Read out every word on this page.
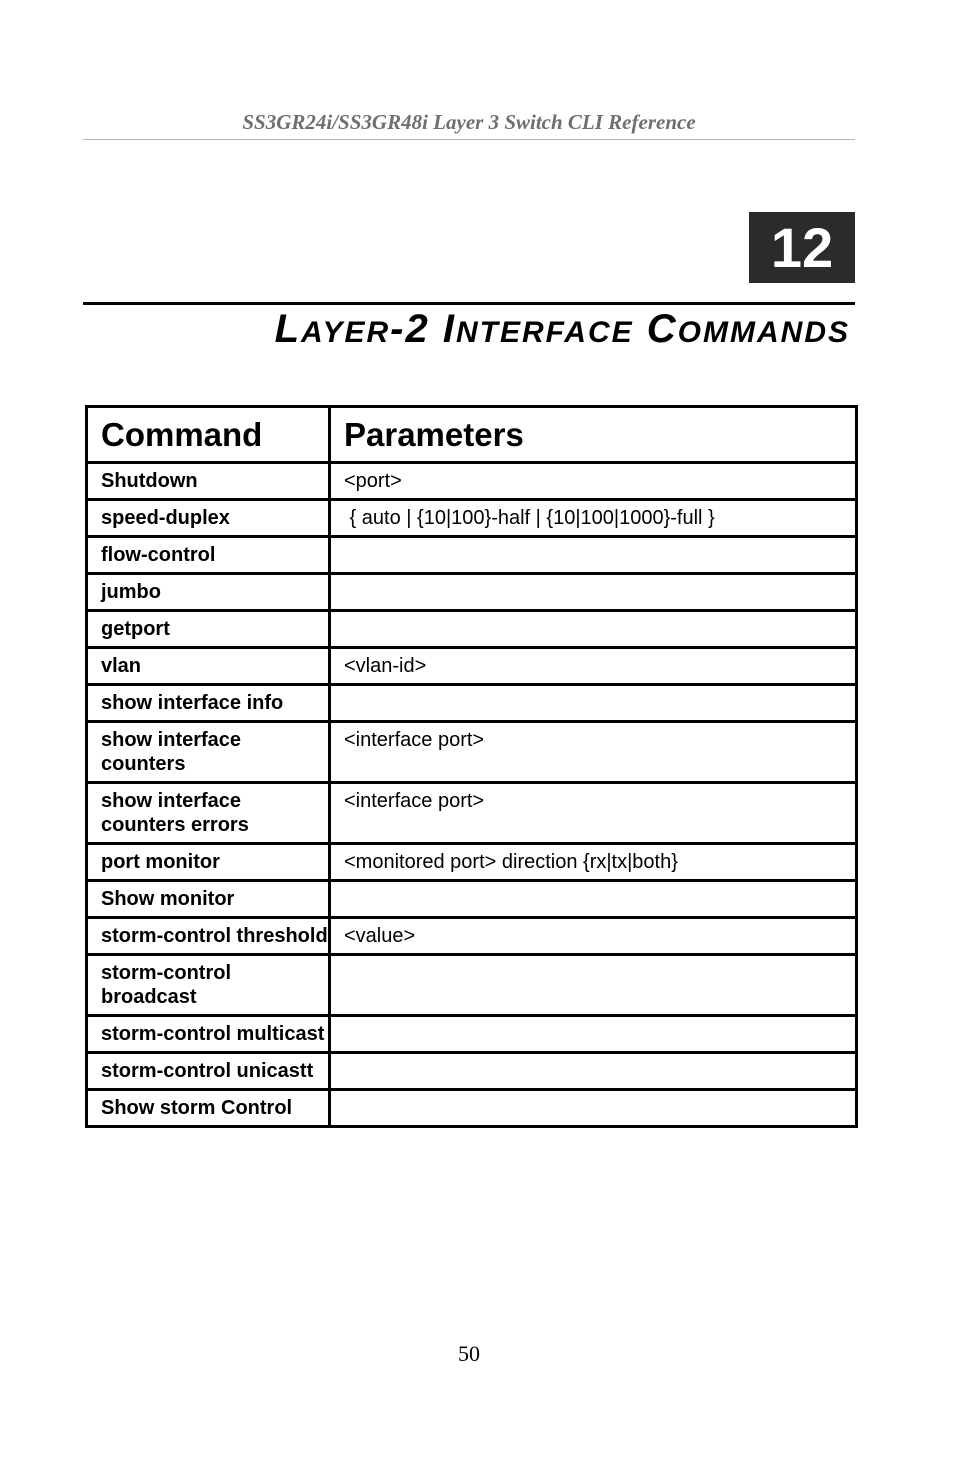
SS3GR24i/SS3GR48i Layer 3 Switch CLI Reference
12
LAYER-2 INTERFACE COMMANDS
Command	Parameters
Shutdown	<port>
speed-duplex	{ auto | {10|100}-half | {10|100|1000}-full }
flow-control	
jumbo	
getport	
vlan	<vlan-id>
show interface info	
show interface counters	<interface port>
show interface counters errors	<interface port>
port monitor	<monitored port> direction {rx|tx|both}
Show monitor	
storm-control threshold	<value>
storm-control broadcast	
storm-control multicast	
storm-control unicastt	
Show storm Control	
50
